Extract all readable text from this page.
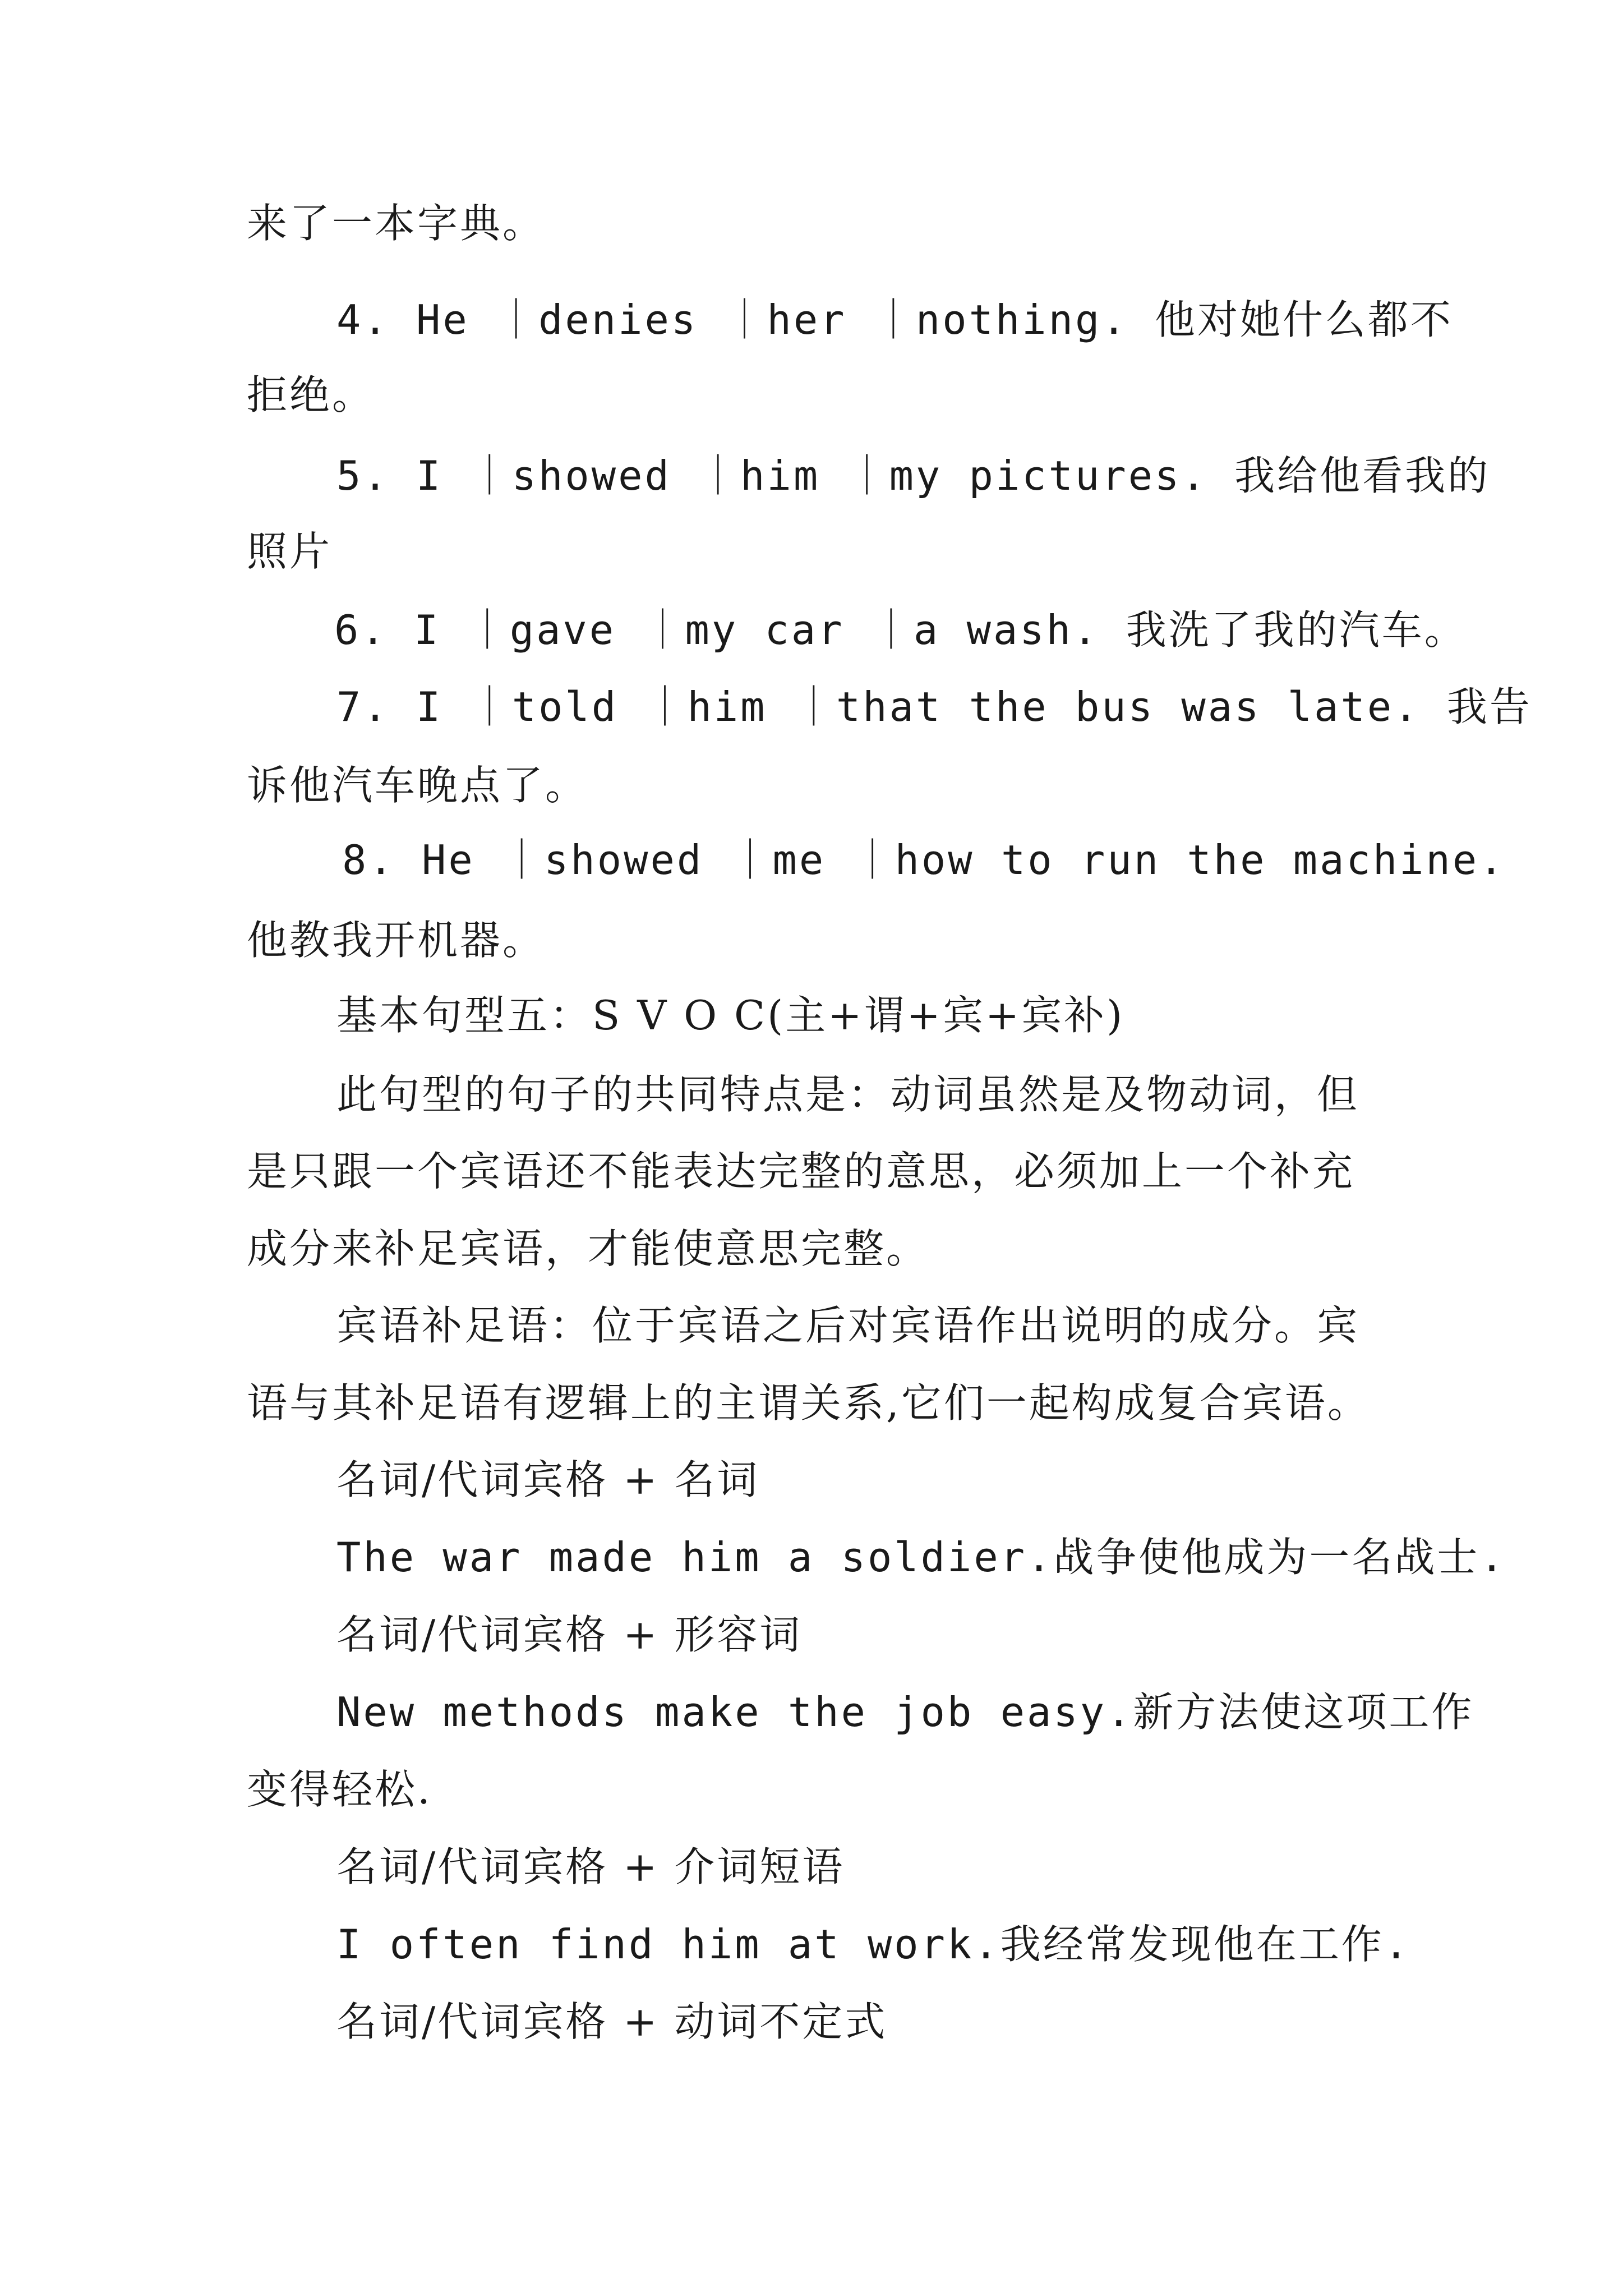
来了一本字典。
4. He ｜denies ｜her ｜nothing. 他对她什么都不
拒绝。
5. I ｜showed ｜him ｜my pictures. 我给他看我的
照片
6. I ｜gave ｜my car ｜a wash. 我洗了我的汽车。
7. I ｜told ｜him ｜that the bus was late. 我告
诉他汽车晚点了。
8. He ｜showed ｜me ｜how to run the machine.
他教我开机器。
基本句型五：S V O C(主+谓+宾+宾补)
此句型的句子的共同特点是：动词虽然是及物动词，但
是只跟一个宾语还不能表达完整的意思，必须加上一个补充
成分来补足宾语，才能使意思完整。
宾语补足语：位于宾语之后对宾语作出说明的成分。宾
语与其补足语有逻辑上的主谓关系,它们一起构成复合宾语。
名词/代词宾格 + 名词
The war made him a soldier.战争使他成为一名战士.
名词/代词宾格 + 形容词
New methods make the job easy.新方法使这项工作
变得轻松.
名词/代词宾格 + 介词短语
I often find him at work.我经常发现他在工作.
名词/代词宾格 + 动词不定式
